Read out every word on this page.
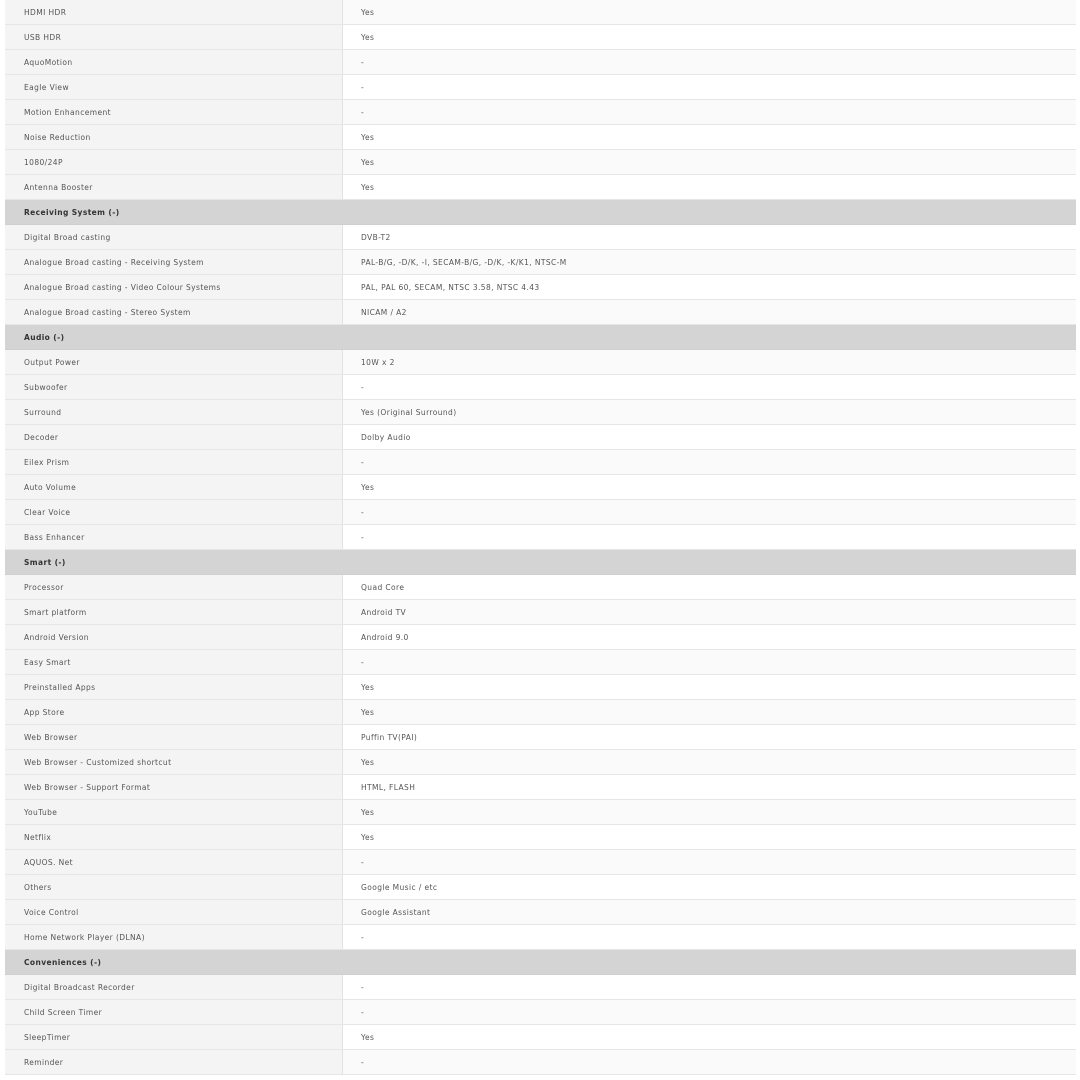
HDMI HDR	Yes
USB HDR	Yes
AquoMotion	-
Eagle View	-
Motion Enhancement	-
Noise Reduction	Yes
1080/24P	Yes
Antenna Booster	Yes
Receiving System (-)	
Digital Broad casting	DVB-T2
Analogue Broad casting - Receiving System	PAL-B/G, -D/K, -I, SECAM-B/G, -D/K, -K/K1, NTSC-M
Analogue Broad casting - Video Colour Systems	PAL, PAL 60, SECAM, NTSC 3.58, NTSC 4.43
Analogue Broad casting - Stereo System	NICAM / A2
Audio (-)	
Output Power	10W x 2
Subwoofer	-
Surround	Yes (Original Surround)
Decoder	Dolby Audio
Eilex Prism	-
Auto Volume	Yes
Clear Voice	-
Bass Enhancer	-
Smart (-)	
Processor	Quad Core
Smart platform	Android TV
Android Version	Android 9.0
Easy Smart	-
Preinstalled Apps	Yes
App Store	Yes
Web Browser	Puffin TV(PAI)
Web Browser - Customized shortcut	Yes
Web Browser - Support Format	HTML, FLASH
YouTube	Yes
Netflix	Yes
AQUOS. Net	-
Others	Google Music / etc
Voice Control	Google Assistant
Home Network Player (DLNA)	-
Conveniences (-)	
Digital Broadcast Recorder	-
Child Screen Timer	-
SleepTimer	Yes
Reminder	-
